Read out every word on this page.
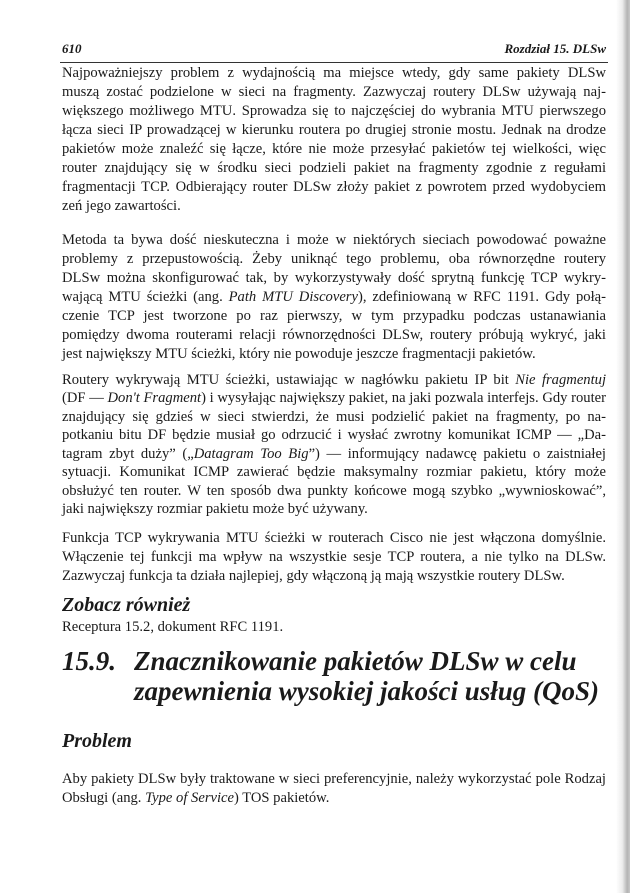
610	Rozdział 15. DLSw
Najpoważniejszy problem z wydajnością ma miejsce wtedy, gdy same pakiety DLSw
muszą zostać podzielone w sieci na fragmenty. Zazwyczaj routery DLSw używają naj-
większego możliwego MTU. Sprowadza się to najczęściej do wybrania MTU pierwszego
łącza sieci IP prowadzącej w kierunku routera po drugiej stronie mostu. Jednak na drodze
pakietów może znaleźć się łącze, które nie może przesyłać pakietów tej wielkości, więc
router znajdujący się w środku sieci podzieli pakiet na fragmenty zgodnie z regułami
fragmentacji TCP. Odbierający router DLSw złoży pakiet z powrotem przed wydobyciem
zeń jego zawartości.
Metoda ta bywa dość nieskuteczna i może w niektórych sieciach powodować poważne
problemy z przepustowością. Żeby uniknąć tego problemu, oba równorzędne routery
DLSw można skonfigurować tak, by wykorzystywały dość sprytną funkcję TCP wykry-
wającą MTU ścieżki (ang. Path MTU Discovery), zdefiniowaną w RFC 1191. Gdy połą-
czenie TCP jest tworzone po raz pierwszy, w tym przypadku podczas ustanawiania
pomiędzy dwoma routerami relacji równorzędności DLSw, routery próbują wykryć, jaki
jest największy MTU ścieżki, który nie powoduje jeszcze fragmentacji pakietów.
Routery wykrywają MTU ścieżki, ustawiając w nagłówku pakietu IP bit Nie fragmentuj
(DF — Don't Fragment) i wysyłając największy pakiet, na jaki pozwala interfejs. Gdy router
znajdujący się gdzieś w sieci stwierdzi, że musi podzielić pakiet na fragmenty, po na-
potkaniu bitu DF będzie musiał go odrzucić i wysłać zwrotny komunikat ICMP — „Da-
tagram zbyt duży” („Datagram Too Big”) — informujący nadawcę pakietu o zaistniałej
sytuacji. Komunikat ICMP zawierać będzie maksymalny rozmiar pakietu, który może
obsłużyć ten router. W ten sposób dwa punkty końcowe mogą szybko „wywnioskować”,
jaki największy rozmiar pakietu może być używany.
Funkcja TCP wykrywania MTU ścieżki w routerach Cisco nie jest włączona domyślnie.
Włączenie tej funkcji ma wpływ na wszystkie sesje TCP routera, a nie tylko na DLSw.
Zazwyczaj funkcja ta działa najlepiej, gdy włączoną ją mają wszystkie routery DLSw.
Zobacz również
Receptura 15.2, dokument RFC 1191.
15.9. Znacznikowanie pakietów DLSw w celu
zapewnienia wysokiej jakości usług (QoS)
Problem
Aby pakiety DLSw były traktowane w sieci preferencyjnie, należy wykorzystać pole Rodzaj
Obsługi (ang. Type of Service) TOS pakietów.
